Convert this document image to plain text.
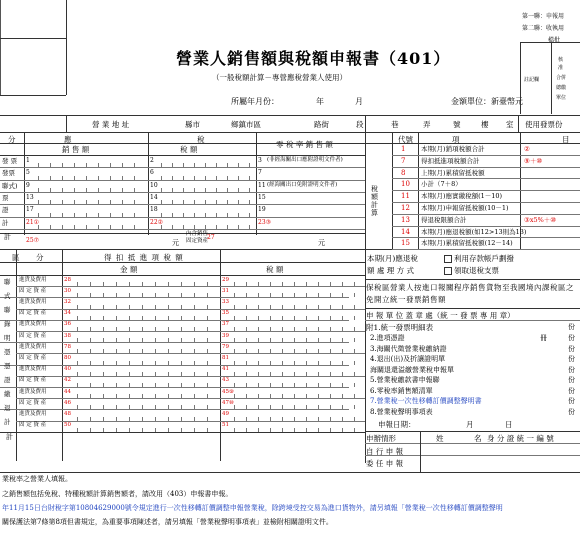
營業人銷售額與稅額申報書（401）
（一般稅額計算－專營應稅營業人使用）
所屬年月份：	年	月	金額單位：新臺幣元
第一聯：申報用
第二聯：收執用
檔批
註記欄
核
准
合併
總繳
單位
營 業 地 址	縣市	鄉鎮市區	路街	段	巷	弄	號	樓 室 使用發票份
分	應	稅
銷 售 額	稅 額
零 稅 率 銷 售 額
稅 額 計 算
代號	項	目
本期(月)應退稅
額 處 理 方 式
利用存款帳戶劃撥
領取退稅支票
區 分	得 扣 抵 進 項 稅 額
金 額	稅 額
保稅區營業人按進口報關程序銷售貨物至我國境內課稅區之免開立統一發票銷售額
申 報 單 位 蓋 章 處（統 一 發 票 專 用 章）
附1.統一發票明細表
申報日期：	月	日
申辦情形	姓	名 身 分 證 統 一 編 號
自 行 申 報
委 任 申 報
業稅率之營業人填報。
之銷售額包括免稅、特種稅額計算銷售額者，請改用（403）申報書申報。
年11月15日台財稅字第10804629000號令規定進行一次性移轉訂價調整申報營業稅，除跨境受控交易為進口貨物外，請另填報「營業稅一次性移轉訂價調整聲明
關保護法第7條第8項但書規定，為重要事項陳述者，請另填報「營業稅聲明事項表」並檢附相關證明文件。
發 票 1	2	3 (非經海關出口應附證明文件者)
發票 5	6	7
聯式) 9	10	11 (經海關出口免附證明文件者)
票	13	14	15
證	17	18	19
計	21①	22②	23③
計	25⑦	元
內含銷售
固定資產
27
元
1 本期(月)銷項稅額合計	②
7 得扣抵進項稅額合計	⑨＋⑩
8 上期(月)累積留抵稅額
10 小計（7＋8）
11 本期(月)應實繳稅額(1－10)
12 本期(月)申報留抵稅額(10－1)
13 得退稅限額合計	③x5%＋⑩
14 本期(月)應退稅額(如12>13則為13)
15 本期(月)累積留抵稅額(12－14)
進貨及費用	28	29
固 定 資 產	30	31
進貨及費用	32	33
固 定 資 產	34	35
進貨及費用	36	37
固 定 資 產	38	39
進貨及費用	78	79
固 定 資 產	80	81
進貨及費用	40	41
固 定 資 產	42	43
進貨及費用	44	45⑨
固 定 資 產	46	47⑩
進貨及費用	48	49
固 定 資 產	50	51
聯
式
聯
錄
明
憑
憑
證
繳
退
計
計
2.進項憑證	份
3.海關代徵營業稅繳納證	份
4.退出(出)及折讓證明單	份
海關退還溢繳營業稅申報單	份
5.營業稅繳款書申報聯	份
6.零稅率銷售額清單	份
7.營業稅一次性移轉訂價調整聲明書	份
8.營業稅聲明事項表	份
份
冊
